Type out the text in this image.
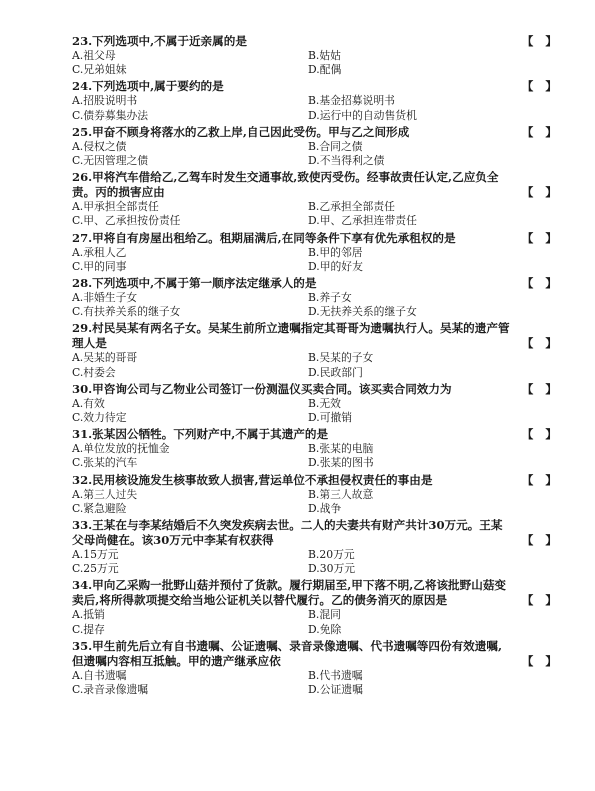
23.下列选项中,不属于近亲属的是	【   】
A.祖父母	B.姑姑
C.兄弟姐妹	D.配偶
24.下列选项中,属于要约的是	【   】
A.招股说明书	B.基金招募说明书
C.债券募集办法	D.运行中的自动售货机
25.甲奋不顾身将落水的乙救上岸,自己因此受伤。甲与乙之间形成	【   】
A.侵权之债	B.合同之债
C.无因管理之债	D.不当得利之债
26.甲将汽车借给乙,乙驾车时发生交通事故,致使丙受伤。经事故责任认定,乙应负全责。丙的损害应由	【   】
A.甲承担全部责任	B.乙承担全部责任
C.甲、乙承担按份责任	D.甲、乙承担连带责任
27.甲将自有房屋出租给乙。租期届满后,在同等条件下享有优先承租权的是	【   】
A.承租人乙	B.甲的邻居
C.甲的同事	D.甲的好友
28.下列选项中,不属于第一顺序法定继承人的是	【   】
A.非婚生子女	B.养子女
C.有扶养关系的继子女	D.无扶养关系的继子女
29.村民吴某有两名子女。吴某生前所立遗嘱指定其哥哥为遗嘱执行人。吴某的遗产管理人是	【   】
A.吴某的哥哥	B.吴某的子女
C.村委会	D.民政部门
30.甲咨询公司与乙物业公司签订一份测温仪买卖合同。该买卖合同效力为	【   】
A.有效	B.无效
C.效力待定	D.可撤销
31.张某因公牺牲。下列财产中,不属于其遗产的是	【   】
A.单位发放的抚恤金	B.张某的电脑
C.张某的汽车	D.张某的图书
32.民用核设施发生核事故致人损害,营运单位不承担侵权责任的事由是	【   】
A.第三人过失	B.第三人故意
C.紧急避险	D.战争
33.王某在与李某结婚后不久突发疾病去世。二人的夫妻共有财产共计30万元。王某父母尚健在。该30万元中李某有权获得	【   】
A.15万元	B.20万元
C.25万元	D.30万元
34.甲向乙采购一批野山菇并预付了货款。履行期届至,甲下落不明,乙将该批野山菇变卖后,将所得款项提交给当地公证机关以替代履行。乙的债务消灭的原因是	【   】
A.抵销	B.混同
C.提存	D.免除
35.甲生前先后立有自书遗嘱、公证遗嘱、录音录像遗嘱、代书遗嘱等四份有效遗嘱,但遗嘱内容相互抵触。甲的遗产继承应依	【   】
A.自书遗嘱	B.代书遗嘱
C.录音录像遗嘱	D.公证遗嘱
